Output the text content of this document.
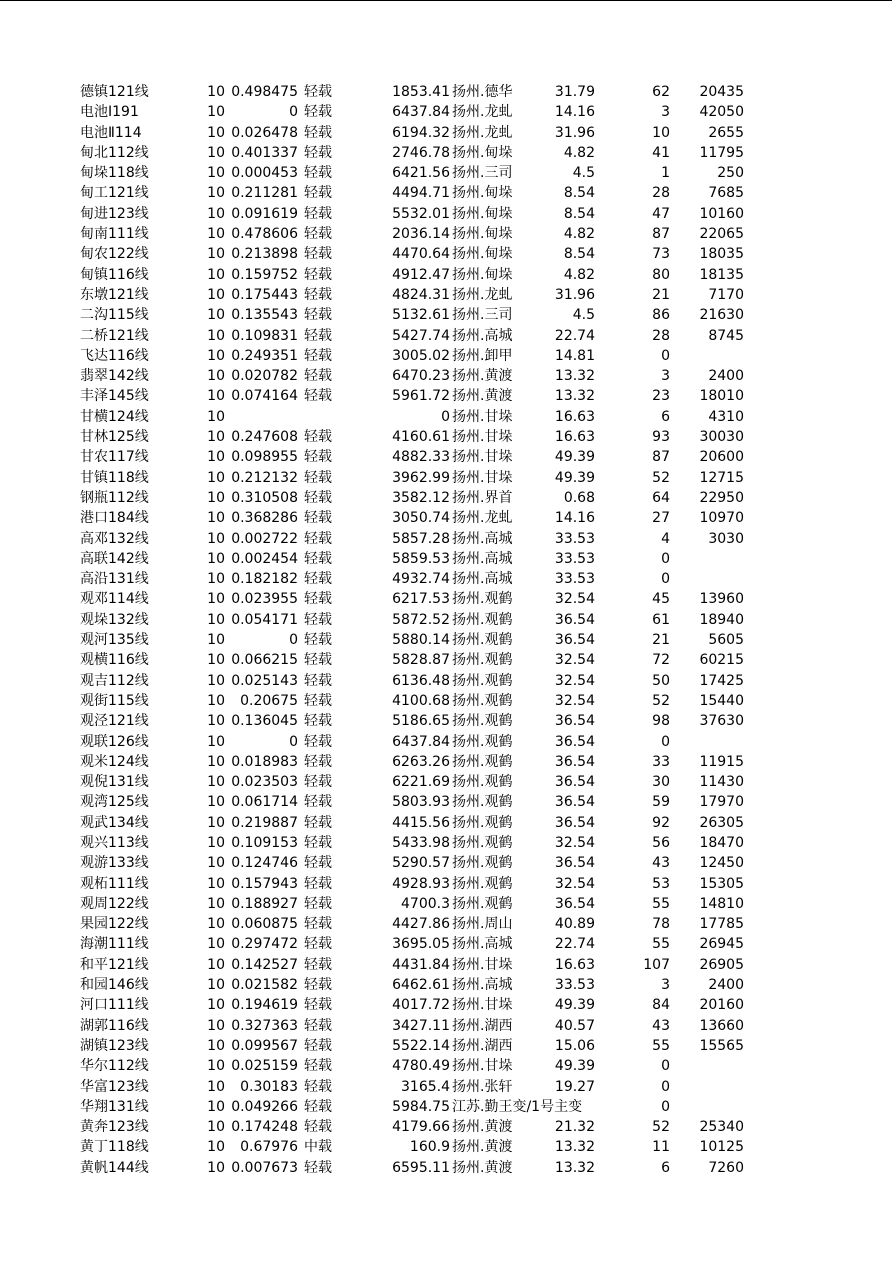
德镇121线	10 0.498475 轻载	1853.41 扬州.德华	31.79	62	20435
电池Ⅰ191	10	0 轻载	6437.84 扬州.龙虬	14.16	3	42050
电池Ⅱ114	10 0.026478 轻载	6194.32 扬州.龙虬	31.96	10	2655
甸北112线	10 0.401337 轻载	2746.78 扬州.甸垛	4.82	41	11795
甸垛118线	10 0.000453 轻载	6421.56 扬州.三司	4.5	1	250
甸工121线	10 0.211281 轻载	4494.71 扬州.甸垛	8.54	28	7685
甸进123线	10 0.091619 轻载	5532.01 扬州.甸垛	8.54	47	10160
甸南111线	10 0.478606 轻载	2036.14 扬州.甸垛	4.82	87	22065
甸农122线	10 0.213898 轻载	4470.64 扬州.甸垛	8.54	73	18035
甸镇116线	10 0.159752 轻载	4912.47 扬州.甸垛	4.82	80	18135
东墩121线	10 0.175443 轻载	4824.31 扬州.龙虬	31.96	21	7170
二沟115线	10 0.135543 轻载	5132.61 扬州.三司	4.5	86	21630
二桥121线	10 0.109831 轻载	5427.74 扬州.高城	22.74	28	8745
飞达116线	10 0.249351 轻载	3005.02 扬州.卸甲	14.81	0
翡翠142线	10 0.020782 轻载	6470.23 扬州.黄渡	13.32	3	2400
丰泽145线	10 0.074164 轻载	5961.72 扬州.黄渡	13.32	23	18010
甘横124线	10	0 扬州.甘垛	16.63	6	4310
甘林125线	10 0.247608 轻载	4160.61 扬州.甘垛	16.63	93	30030
甘农117线	10 0.098955 轻载	4882.33 扬州.甘垛	49.39	87	20600
甘镇118线	10 0.212132 轻载	3962.99 扬州.甘垛	49.39	52	12715
钢瓶112线	10 0.310508 轻载	3582.12 扬州.界首	0.68	64	22950
港口184线	10 0.368286 轻载	3050.74 扬州.龙虬	14.16	27	10970
高邓132线	10 0.002722 轻载	5857.28 扬州.高城	33.53	4	3030
高联142线	10 0.002454 轻载	5859.53 扬州.高城	33.53	0
高沿131线	10 0.182182 轻载	4932.74 扬州.高城	33.53	0
观邓114线	10 0.023955 轻载	6217.53 扬州.观鹤	32.54	45	13960
观垛132线	10 0.054171 轻载	5872.52 扬州.观鹤	36.54	61	18940
观河135线	10	0 轻载	5880.14 扬州.观鹤	36.54	21	5605
观横116线	10 0.066215 轻载	5828.87 扬州.观鹤	32.54	72	60215
观吉112线	10 0.025143 轻载	6136.48 扬州.观鹤	32.54	50	17425
观街115线	10	0.20675 轻载	4100.68 扬州.观鹤	32.54	52	15440
观泾121线	10 0.136045 轻载	5186.65 扬州.观鹤	36.54	98	37630
观联126线	10	0 轻载	6437.84 扬州.观鹤	36.54	0
观米124线	10 0.018983 轻载	6263.26 扬州.观鹤	36.54	33	11915
观倪131线	10 0.023503 轻载	6221.69 扬州.观鹤	36.54	30	11430
观湾125线	10 0.061714 轻载	5803.93 扬州.观鹤	36.54	59	17970
观武134线	10 0.219887 轻载	4415.56 扬州.观鹤	36.54	92	26305
观兴113线	10 0.109153 轻载	5433.98 扬州.观鹤	32.54	56	18470
观游133线	10 0.124746 轻载	5290.57 扬州.观鹤	36.54	43	12450
观柘111线	10 0.157943 轻载	4928.93 扬州.观鹤	32.54	53	15305
观周122线	10 0.188927 轻载	4700.3 扬州.观鹤	36.54	55	14810
果园122线	10 0.060875 轻载	4427.86 扬州.周山	40.89	78	17785
海潮111线	10 0.297472 轻载	3695.05 扬州.高城	22.74	55	26945
和平121线	10 0.142527 轻载	4431.84 扬州.甘垛	16.63	107	26905
和园146线	10 0.021582 轻载	6462.61 扬州.高城	33.53	3	2400
河口111线	10 0.194619 轻载	4017.72 扬州.甘垛	49.39	84	20160
湖郭116线	10 0.327363 轻载	3427.11 扬州.湖西	40.57	43	13660
湖镇123线	10 0.099567 轻载	5522.14 扬州.湖西	15.06	55	15565
华尔112线	10 0.025159 轻载	4780.49 扬州.甘垛	49.39	0
华富123线	10	0.30183 轻载	3165.4 扬州.张轩	19.27	0
华翔131线	10 0.049266 轻载	5984.75 江苏.勤王变/1号主变	0
黄奔123线	10 0.174248 轻载	4179.66 扬州.黄渡	21.32	52	25340
黄丁118线	10	0.67976 中载	160.9 扬州.黄渡	13.32	11	10125
黄帆144线	10 0.007673 轻载	6595.11 扬州.黄渡	13.32	6	7260
